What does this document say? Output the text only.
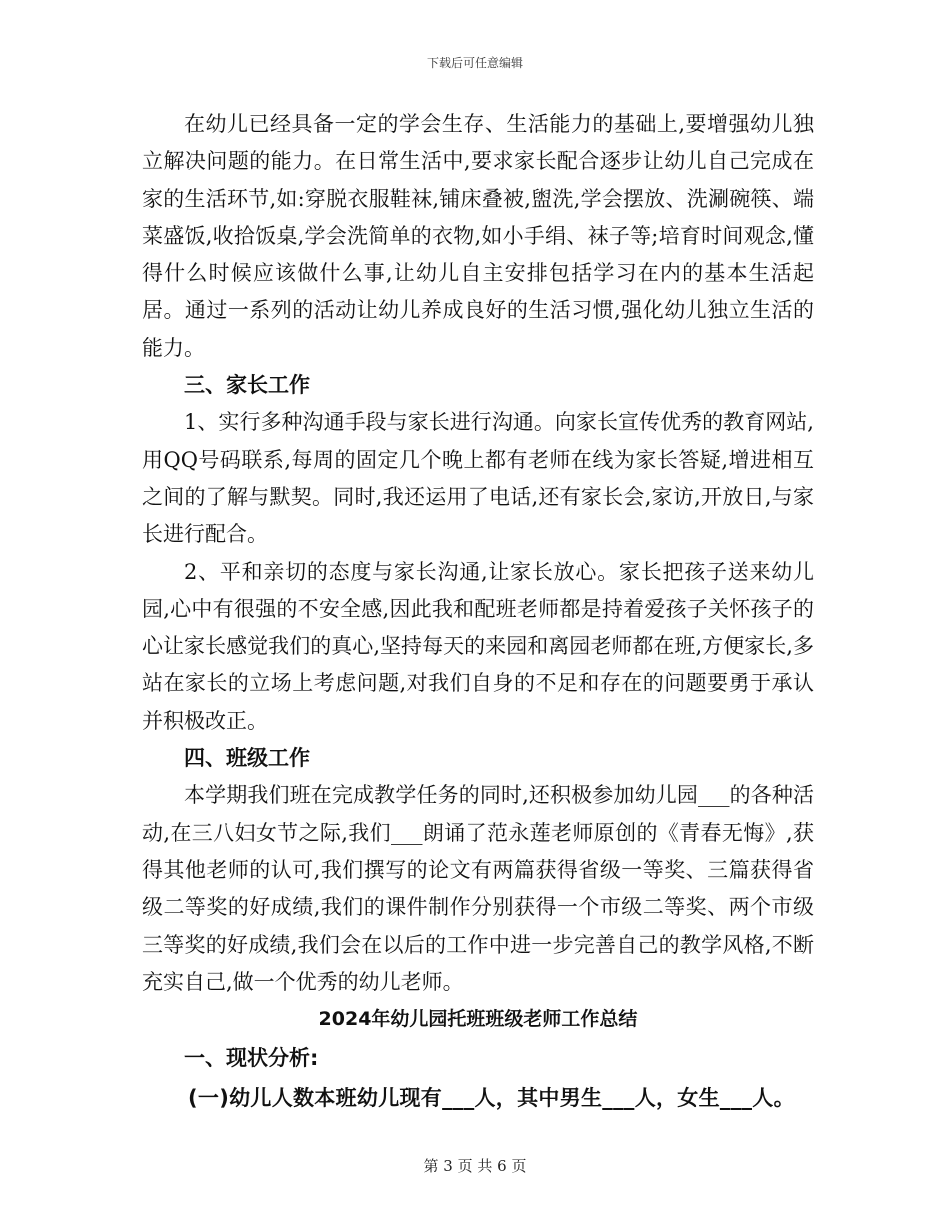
下载后可任意编辑

在幼儿已经具备一定的学会生存、生活能力的基础上,要增强幼儿独立解决问题的能力。在日常生活中,要求家长配合逐步让幼儿自己完成在家的生活环节,如:穿脱衣服鞋袜,铺床叠被,盥洗,学会摆放、洗涮碗筷、端菜盛饭,收拾饭桌,学会洗简单的衣物,如小手绢、袜子等;培育时间观念,懂得什么时候应该做什么事,让幼儿自主安排包括学习在内的基本生活起居。通过一系列的活动让幼儿养成良好的生活习惯,强化幼儿独立生活的能力。

三、家长工作

1、实行多种沟通手段与家长进行沟通。向家长宣传优秀的教育网站,用QQ号码联系,每周的固定几个晚上都有老师在线为家长答疑,增进相互之间的了解与默契。同时,我还运用了电话,还有家长会,家访,开放日,与家长进行配合。

2、平和亲切的态度与家长沟通,让家长放心。家长把孩子送来幼儿园,心中有很强的不安全感,因此我和配班老师都是持着爱孩子关怀孩子的心让家长感觉我们的真心,坚持每天的来园和离园老师都在班,方便家长,多站在家长的立场上考虑问题,对我们自身的不足和存在的问题要勇于承认并积极改正。

四、班级工作

本学期我们班在完成教学任务的同时,还积极参加幼儿园___的各种活动,在三八妇女节之际,我们___朗诵了范永莲老师原创的《青春无悔》,获得其他老师的认可,我们撰写的论文有两篇获得省级一等奖、三篇获得省级二等奖的好成绩,我们的课件制作分别获得一个市级二等奖、两个市级三等奖的好成绩,我们会在以后的工作中进一步完善自己的教学风格,不断充实自己,做一个优秀的幼儿老师。

2024年幼儿园托班班级老师工作总结

一、现状分析:

(一)幼儿人数本班幼儿现有___人，其中男生___人，女生___人。

第 3 页 共 6 页
